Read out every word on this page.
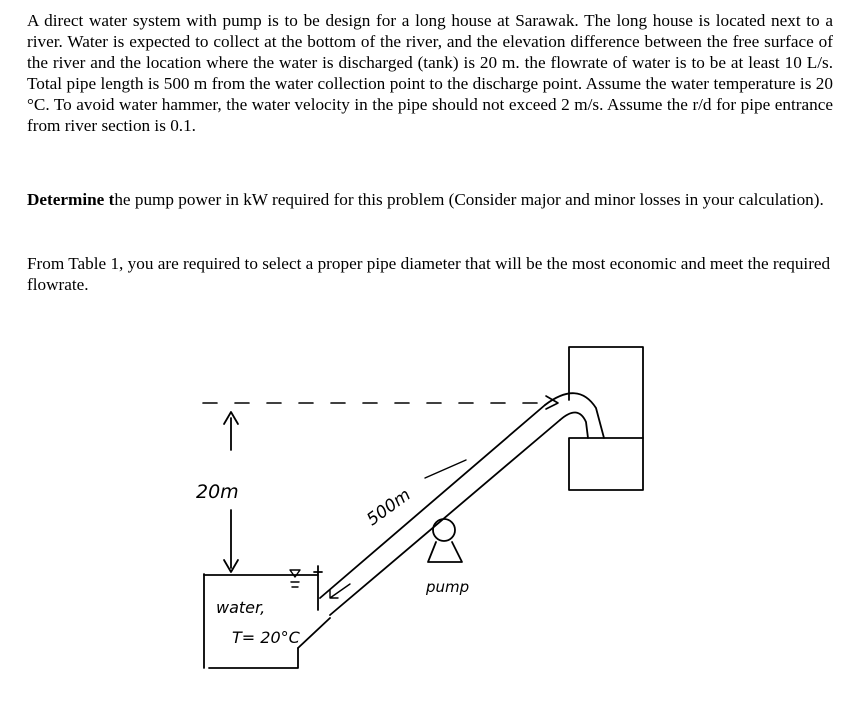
A direct water system with pump is to be design for a long house at Sarawak. The long house is located next to a river. Water is expected to collect at the bottom of the river, and the elevation difference between the free surface of the river and the location where the water is discharged (tank) is 20 m. the flowrate of water is to be at least 10 L/s. Total pipe length is 500 m from the water collection point to the discharge point. Assume the water temperature is 20 °C. To avoid water hammer, the water velocity in the pipe should not exceed 2 m/s. Assume the r/d for pipe entrance from river section is 0.1.

Determine the pump power in kW required for this problem (Consider major and minor losses in your calculation).

From Table 1, you are required to select a proper pipe diameter that will be the most economic and meet the required flowrate.

20m	500m
water,
T= 20°C
pump
